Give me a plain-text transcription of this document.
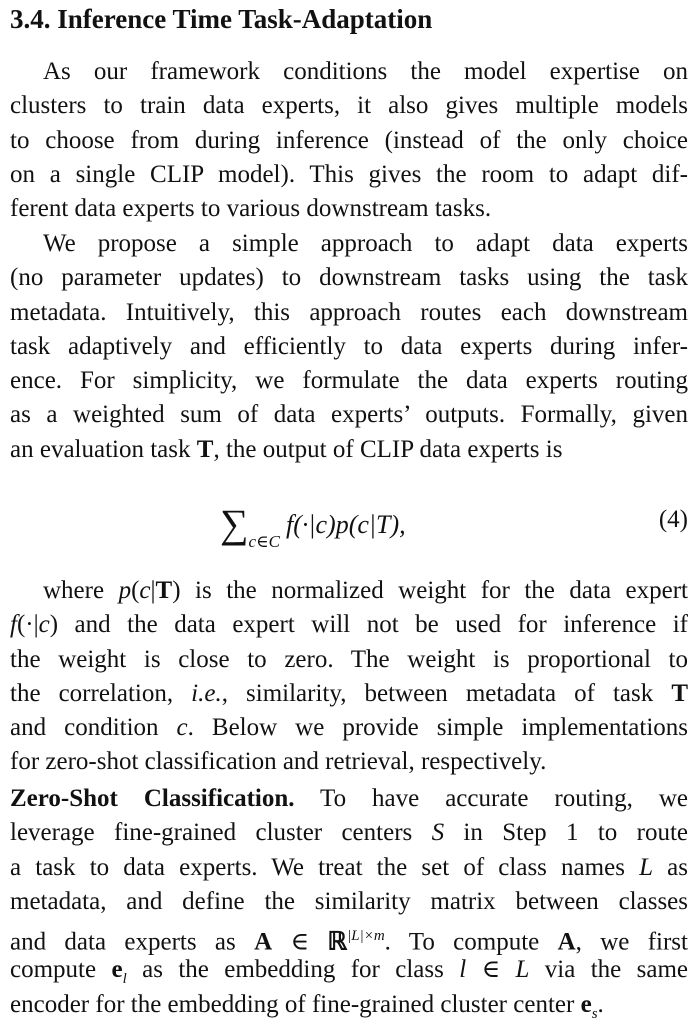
3.4. Inference Time Task-Adaptation
As our framework conditions the model expertise on
clusters to train data experts, it also gives multiple models
to choose from during inference (instead of the only choice
on a single CLIP model). This gives the room to adapt dif-
ferent data experts to various downstream tasks.
We propose a simple approach to adapt data experts
(no parameter updates) to downstream tasks using the task
metadata. Intuitively, this approach routes each downstream
task adaptively and efficiently to data experts during infer-
ence. For simplicity, we formulate the data experts routing
as a weighted sum of data experts’ outputs. Formally, given
an evaluation task T, the output of CLIP data experts is
$\sum_{c\in C}f(\cdot|c)p(c|T)$,	(4)
where p(c|T) is the normalized weight for the data expert
f(·|c) and the data expert will not be used for inference if
the weight is close to zero. The weight is proportional to
the correlation, i.e., similarity, between metadata of task T
and condition c. Below we provide simple implementations
for zero-shot classification and retrieval, respectively.
Zero-Shot Classification. To have accurate routing, we
leverage fine-grained cluster centers S in Step 1 to route
a task to data experts. We treat the set of class names L as
metadata, and define the similarity matrix between classes
and data experts as A ∈ ℝ$^{|L|\times m}$. To compute A, we first
compute $e_l$ as the embedding for class l ∈ L via the same
encoder for the embedding of fine-grained cluster center $e_s$.
